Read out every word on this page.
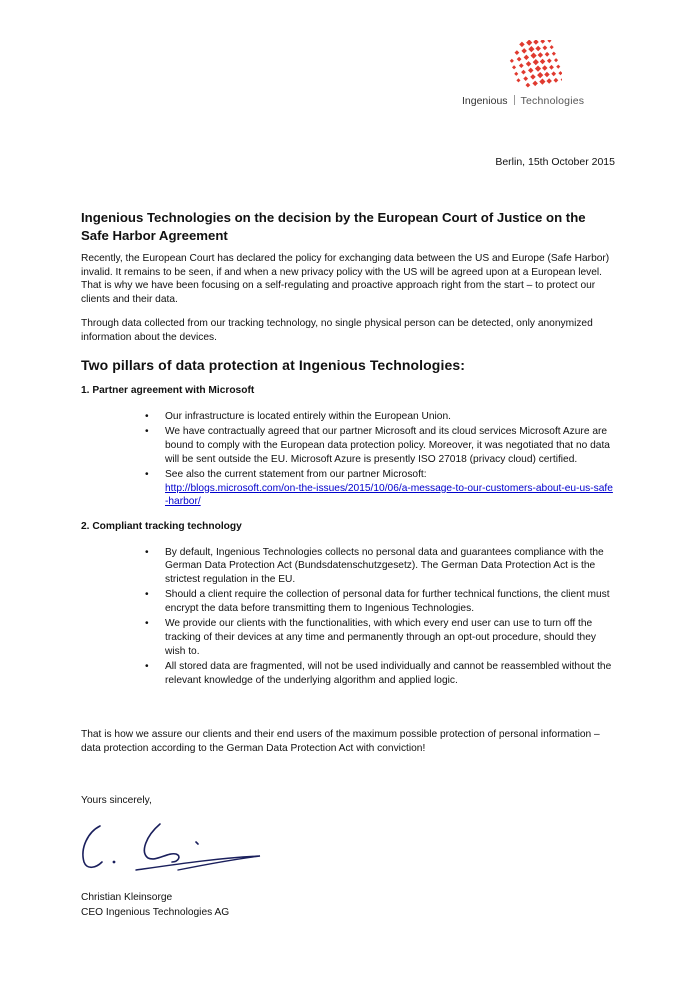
Ingenious Technologies
Berlin, 15th October 2015
Ingenious Technologies on the decision by the European Court of Justice on the Safe Harbor Agreement

Recently, the European Court has declared the policy for exchanging data between the US and Europe (Safe Harbor) invalid. It remains to be seen, if and when a new privacy policy with the US will be agreed upon at a European level. That is why we have been focusing on a self-regulating and proactive approach right from the start – to protect our clients and their data.

Through data collected from our tracking technology, no single physical person can be detected, only anonymized information about the devices.

Two pillars of data protection at Ingenious Technologies:
1. Partner agreement with Microsoft
• Our infrastructure is located entirely within the European Union.
• We have contractually agreed that our partner Microsoft and its cloud services Microsoft Azure are bound to comply with the European data protection policy. Moreover, it was negotiated that no data will be sent outside the EU. Microsoft Azure is presently ISO 27018 (privacy cloud) certified.
• See also the current statement from our partner Microsoft:
http://blogs.microsoft.com/on-the-issues/2015/10/06/a-message-to-our-customers-about-eu-us-safe-harbor/
2. Compliant tracking technology
• By default, Ingenious Technologies collects no personal data and guarantees compliance with the German Data Protection Act (Bundsdatenschutzgesetz). The German Data Protection Act is the strictest regulation in the EU.
• Should a client require the collection of personal data for further technical functions, the client must encrypt the data before transmitting them to Ingenious Technologies.
• We provide our clients with the functionalities, with which every end user can use to turn off the tracking of their devices at any time and permanently through an opt-out procedure, should they wish to.
• All stored data are fragmented, will not be used individually and cannot be reassembled without the relevant knowledge of the underlying algorithm and applied logic.
That is how we assure our clients and their end users of the maximum possible protection of personal information – data protection according to the German Data Protection Act with conviction!
Yours sincerely,
Christian Kleinsorge
CEO Ingenious Technologies AG
